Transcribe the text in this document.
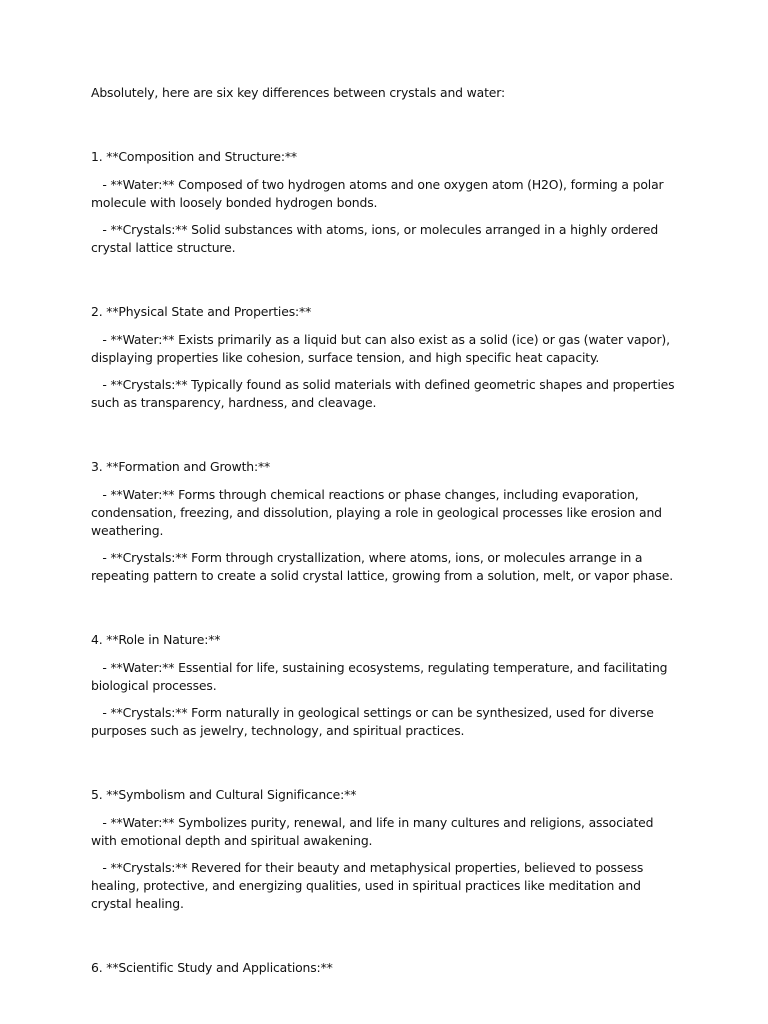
Absolutely, here are six key differences between crystals and water:

1. **Composition and Structure:**

- **Water:** Composed of two hydrogen atoms and one oxygen atom (H2O), forming a polar molecule with loosely bonded hydrogen bonds.

- **Crystals:** Solid substances with atoms, ions, or molecules arranged in a highly ordered crystal lattice structure.

2. **Physical State and Properties:**

- **Water:** Exists primarily as a liquid but can also exist as a solid (ice) or gas (water vapor), displaying properties like cohesion, surface tension, and high specific heat capacity.

- **Crystals:** Typically found as solid materials with defined geometric shapes and properties such as transparency, hardness, and cleavage.

3. **Formation and Growth:**

- **Water:** Forms through chemical reactions or phase changes, including evaporation, condensation, freezing, and dissolution, playing a role in geological processes like erosion and weathering.

- **Crystals:** Form through crystallization, where atoms, ions, or molecules arrange in a repeating pattern to create a solid crystal lattice, growing from a solution, melt, or vapor phase.

4. **Role in Nature:**

- **Water:** Essential for life, sustaining ecosystems, regulating temperature, and facilitating biological processes.

- **Crystals:** Form naturally in geological settings or can be synthesized, used for diverse purposes such as jewelry, technology, and spiritual practices.

5. **Symbolism and Cultural Significance:**

- **Water:** Symbolizes purity, renewal, and life in many cultures and religions, associated with emotional depth and spiritual awakening.

- **Crystals:** Revered for their beauty and metaphysical properties, believed to possess healing, protective, and energizing qualities, used in spiritual practices like meditation and crystal healing.

6. **Scientific Study and Applications:**
